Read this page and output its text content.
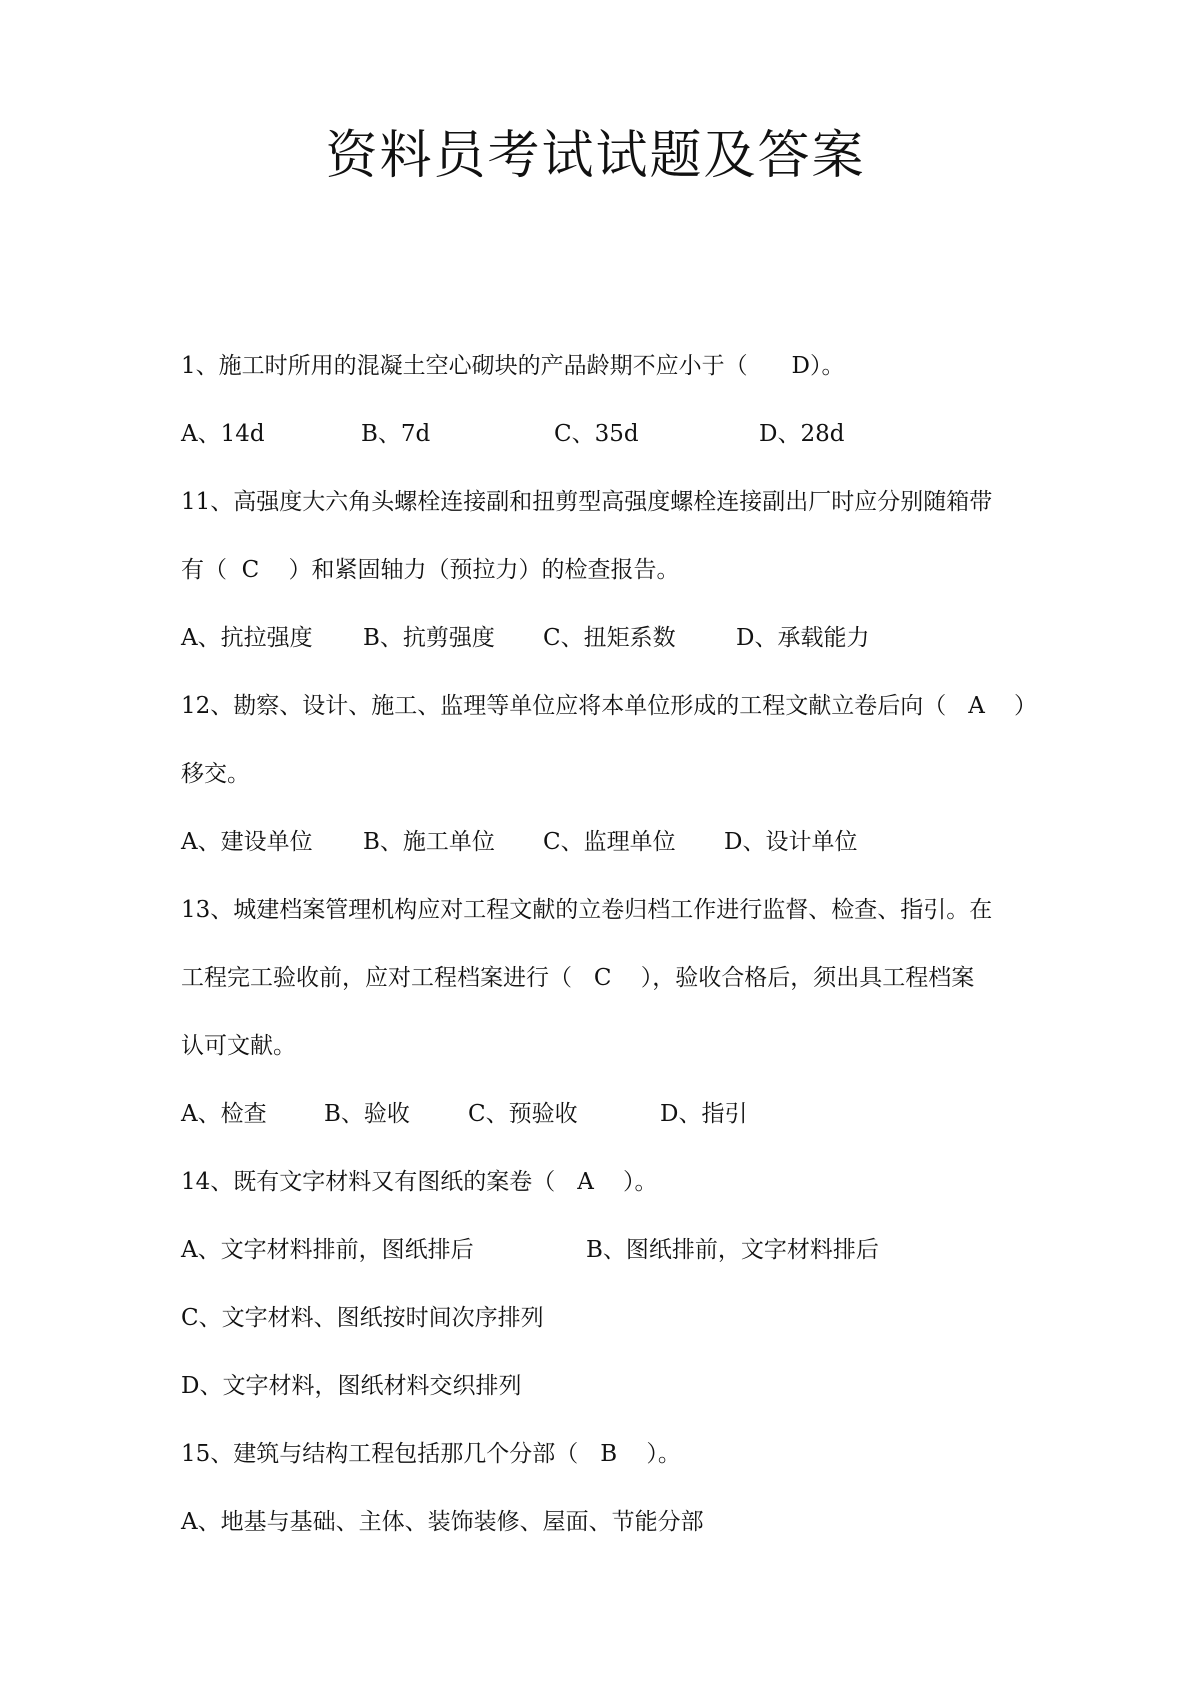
资料员考试试题及答案
1、施工时所用的混凝土空心砌块的产品龄期不应小于（      D）。

A、14d

	B、7d

	C、35d

	D、28d

11、高强度大六角头螺栓连接副和扭剪型高强度螺栓连接副出厂时应分别随箱带
有（  C    ）和紧固轴力（预拉力）的检查报告。

A、抗拉强度

B、抗剪强度

C、扭矩系数

	D、承载能力

12、勘察、设计、施工、监理等单位应将本单位形成的工程文献立卷后向（   A    ）
移交。

A、建设单位

B、施工单位

C、监理单位

D、设计单位

13、城建档案管理机构应对工程文献的立卷归档工作进行监督、检查、指引。在
工程完工验收前，应对工程档案进行（   C    ），验收合格后，须出具工程档案
认可文献。

A、检查

B、验收

	C、预验收

	D、指引

14、既有文字材料又有图纸的案卷（   A    ）。

A、文字材料排前，图纸排后

	B、图纸排前，文字材料排后

C、文字材料、图纸按时间次序排列
D、文字材料，图纸材料交织排列
15、建筑与结构工程包括那几个分部（   B    ）。
A、地基与基础、主体、装饰装修、屋面、节能分部
